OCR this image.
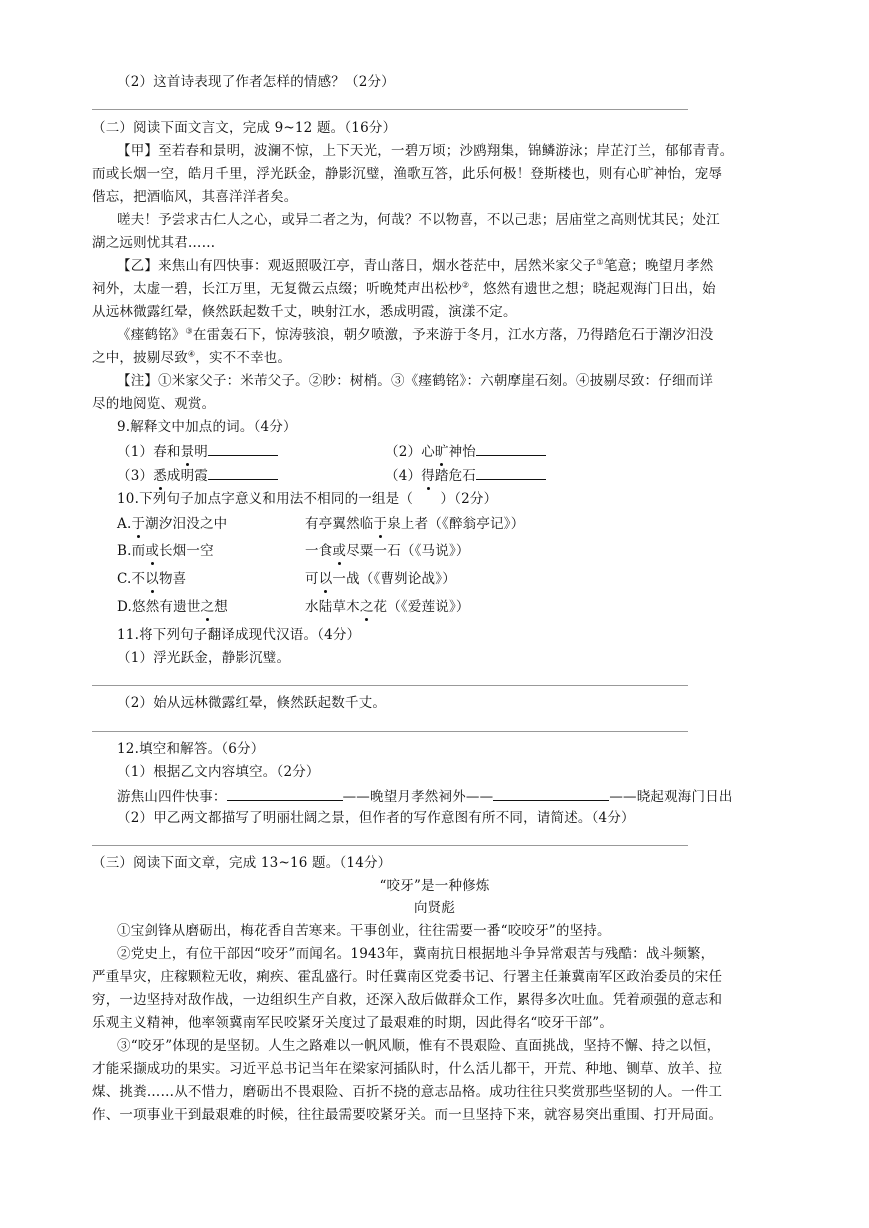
（2）这首诗表现了作者怎样的情感？（2分）
（二）阅读下面文言文，完成 9~12 题。（16分）
【甲】至若春和景明，波澜不惊，上下天光，一碧万顷；沙鸥翔集，锦鳞游泳；岸芷汀兰，郁郁青青。
而或长烟一空，皓月千里，浮光跃金，静影沉璧，渔歌互答，此乐何极！登斯楼也，则有心旷神怡，宠辱
偕忘，把酒临风，其喜洋洋者矣。
嗟夫！予尝求古仁人之心，或异二者之为，何哉？不以物喜，不以己悲；居庙堂之高则忧其民；处江
湖之远则忧其君……
【乙】来焦山有四快事：观返照吸江亭，青山落日，烟水苍茫中，居然米家父子①笔意；晚望月孝然
祠外，太虚一碧，长江万里，无复微云点缀；听晚梵声出松杪②，悠然有遗世之想；晓起观海门日出，始
从远林微露红晕，倏然跃起数千丈，映射江水，悉成明霞，演漾不定。
《瘗鹤铭》③在雷轰石下，惊涛骇浪，朝夕喷激，予来游于冬月，江水方落，乃得踏危石于潮汐汨没
之中，披剔尽致④，实不不幸也。
【注】①米家父子：米芾父子。②眇：树梢。③《瘗鹤铭》：六朝摩崖石刻。④披剔尽致：仔细而详
尽的地阅览、观赏。
9.解释文中加点的词。（4分）
（1）春和景明	（2）心旷神怡
（3）悉成明霞	（4）得踏危石
10.下列句子加点字意义和用法不相同的一组是（　　）（2分）
A.于潮汐汨没之中	有亭翼然临于泉上者（《醉翁亭记》）
B.而或长烟一空	一食或尽粟一石（《马说》）
C.不以物喜	可以一战（《曹刿论战》）
D.悠然有遗世之想	水陆草木之花（《爱莲说》）
11.将下列句子翻译成现代汉语。（4分）
（1）浮光跃金，静影沉璧。
（2）始从远林微露红晕，倏然跃起数千丈。
12.填空和解答。（6分）
（1）根据乙文内容填空。（2分）
游焦山四件快事：	——晚望月孝然祠外——	——晓起观海门日出
（2）甲乙两文都描写了明丽壮阔之景，但作者的写作意图有所不同，请简述。（4分）
（三）阅读下面文章，完成 13~16 题。（14分）
“咬牙”是一种修炼
向贤彪
①宝剑锋从磨砺出，梅花香自苦寒来。干事创业，往往需要一番“咬咬牙”的坚持。
②党史上，有位干部因“咬牙”而闻名。1943年，冀南抗日根据地斗争异常艰苦与残酷：战斗频繁，
严重旱灾，庄稼颗粒无收，痢疾、霍乱盛行。时任冀南区党委书记、行署主任兼冀南军区政治委员的宋任
穷，一边坚持对敌作战，一边组织生产自救，还深入敌后做群众工作，累得多次吐血。凭着顽强的意志和
乐观主义精神，他率领冀南军民咬紧牙关度过了最艰难的时期，因此得名“咬牙干部”。
③“咬牙”体现的是坚韧。人生之路难以一帆风顺，惟有不畏艰险、直面挑战，坚持不懈、持之以恒，
才能采撷成功的果实。习近平总书记当年在梁家河插队时，什么活儿都干，开荒、种地、铡草、放羊、拉
煤、挑粪……从不惜力，磨砺出不畏艰险、百折不挠的意志品格。成功往往只奖赏那些坚韧的人。一件工
作、一项事业干到最艰难的时候，往往最需要咬紧牙关。而一旦坚持下来，就容易突出重围、打开局面。
